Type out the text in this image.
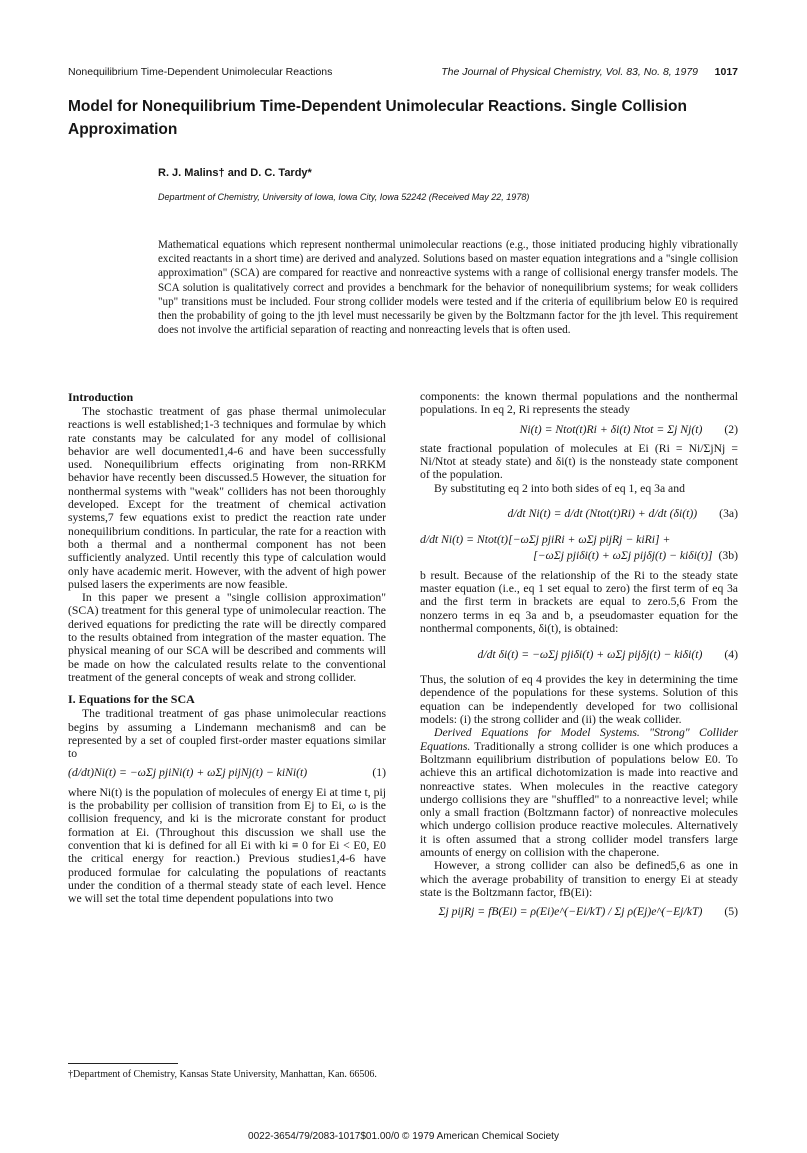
Nonequilibrium Time-Dependent Unimolecular Reactions	The Journal of Physical Chemistry, Vol. 83, No. 8, 1979 1017
Model for Nonequilibrium Time-Dependent Unimolecular Reactions. Single Collision Approximation
R. J. Malins† and D. C. Tardy*
Department of Chemistry, University of Iowa, Iowa City, Iowa 52242 (Received May 22, 1978)

Mathematical equations which represent nonthermal unimolecular reactions (e.g., those initiated producing highly vibrationally excited reactants in a short time) are derived and analyzed. Solutions based on master equation integrations and a "single collision approximation" (SCA) are compared for reactive and nonreactive systems with a range of collisional energy transfer models. The SCA solution is qualitatively correct and provides a benchmark for the behavior of nonequilibrium systems; for weak colliders "up" transitions must be included. Four strong collider models were tested and if the criteria of equilibrium below E0 is required then the probability of going to the jth level must necessarily be given by the Boltzmann factor for the jth level. This requirement does not involve the artificial separation of reacting and nonreacting levels that is often used.

Introduction

The stochastic treatment of gas phase thermal unimolecular reactions is well established;1-3 techniques and formulae by which rate constants may be calculated for any model of collisional behavior are well documented1,4-6 and have been successfully used. Nonequilibrium effects originating from non-RRKM behavior have recently been discussed.5 However, the situation for nonthermal systems with "weak" colliders has not been thoroughly developed. Except for the treatment of chemical activation systems,7 few equations exist to predict the reaction rate under nonequilibrium conditions. In particular, the rate for a reaction with both a thermal and a nonthermal component has not been sufficiently analyzed. Until recently this type of calculation would only have academic merit. However, with the advent of high power pulsed lasers the experiments are now feasible.

In this paper we present a "single collision approximation" (SCA) treatment for this general type of unimolecular reaction. The derived equations for predicting the rate will be directly compared to the results obtained from integration of the master equation. The physical meaning of our SCA will be described and comments will be made on how the calculated results relate to the conventional treatment of the general concepts of weak and strong collider.

I. Equations for the SCA

The traditional treatment of gas phase unimolecular reactions begins by assuming a Lindemann mechanism8 and can be represented by a set of coupled first-order master equations similar to

(d/dt)Ni(t) = −ωΣj pjiNi(t) + ωΣj pijNj(t) − kiNi(t)	(1)

where Ni(t) is the population of molecules of energy Ei at time t, pij is the probability per collision of transition from Ej to Ei, ω is the collision frequency, and ki is the microrate constant for product formation at Ei. (Throughout this discussion we shall use the convention that ki is defined for all Ei with ki ≡ 0 for Ei < E0, E0 the critical energy for reaction.) Previous studies1,4-6 have produced formulae for calculating the populations of reactants under the condition of a thermal steady state of each level. Hence we will set the total time dependent populations into two

components: the known thermal populations and the nonthermal populations. In eq 2, Ri represents the steady

Ni(t) = Ntot(t)Ri + δi(t) Ntot = Σj Nj(t) (2)

state fractional population of molecules at Ei (Ri = Ni/ΣjNj = Ni/Ntot at steady state) and δi(t) is the nonsteady state component of the population.

By substituting eq 2 into both sides of eq 1, eq 3a and

d/dt Ni(t) = d/dt (Ntot(t)Ri) + d/dt (δi(t)) (3a)
d/dt Ni(t) = Ntot(t)[−ωΣj pjiRi + ωΣj pijRj − kiRi] +
[−ωΣj pjiδi(t) + ωΣj pijδj(t) − kiδi(t)] (3b)

b result. Because of the relationship of the Ri to the steady state master equation (i.e., eq 1 set equal to zero) the first term of eq 3a and the first term in brackets are equal to zero.5,6 From the nonzero terms in eq 3a and b, a pseudomaster equation for the nonthermal components, δi(t), is obtained:

d/dt δi(t) = −ωΣj pjiδi(t) + ωΣj pijδj(t) − kiδi(t) (4)

Thus, the solution of eq 4 provides the key in determining the time dependence of the populations for these systems. Solution of this equation can be independently developed for two collisional models: (i) the strong collider and (ii) the weak collider.

Derived Equations for Model Systems. "Strong" Collider Equations. Traditionally a strong collider is one which produces a Boltzmann equilibrium distribution of populations below E0. To achieve this an artifical dichotomization is made into reactive and nonreactive states. When molecules in the reactive category undergo collisions they are "shuffled" to a nonreactive level; while only a small fraction (Boltzmann factor) of nonreactive molecules which undergo collision produce reactive molecules. Alternatively it is often assumed that a strong collider model transfers large amounts of energy on collision with the chaperone.

However, a strong collider can also be defined5,6 as one in which the average probability of transition to energy Ei at steady state is the Boltzmann factor, fB(Ei):

Σj pijRj = fB(Ei) = ρ(Ei)e^(−Ei/kT) / Σj ρ(Ej)e^(−Ej/kT) (5)

†Department of Chemistry, Kansas State University, Manhattan, Kan. 66506.

0022-3654/79/2083-1017$01.00/0 © 1979 American Chemical Society
